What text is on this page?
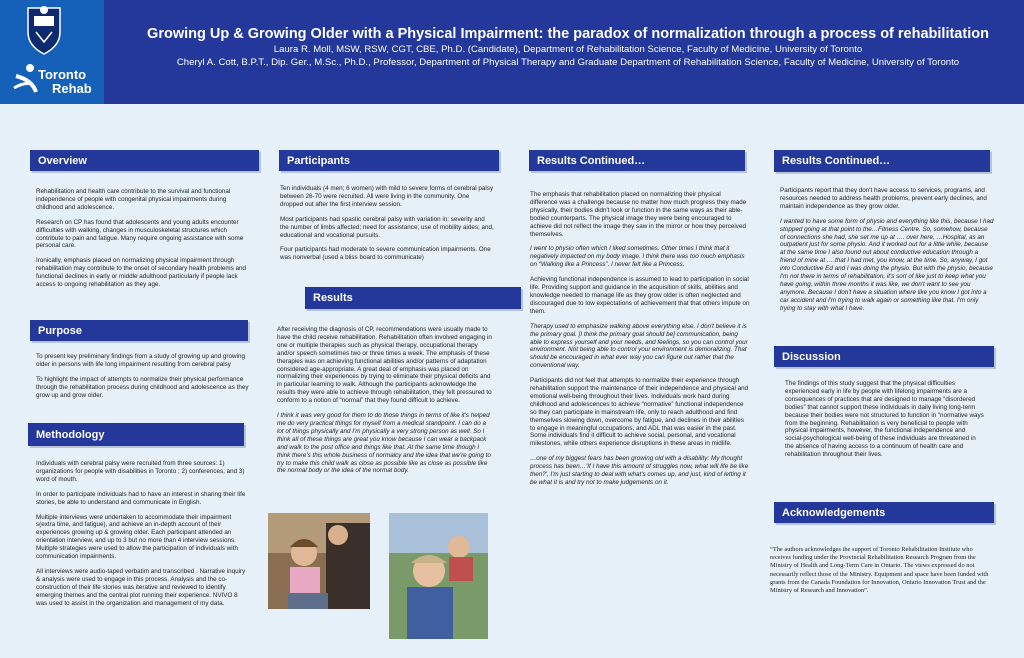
Toronto
Rehab
Growing Up & Growing Older with a Physical Impairment: the paradox of normalization through a process of rehabilitation
Laura R. Moll, MSW, RSW, CGT, CBE, Ph.D. (Candidate), Department of Rehabilitation Science, Faculty of Medicine, University of Toronto
Cheryl A. Cott, B.P.T., Dip. Ger., M.Sc., Ph.D., Professor, Department of Physical Therapy and Graduate Department of Rehabilitation Science, Faculty of Medicine, University of Toronto
Overview

Rehabilitation and health care contribute to the survival and functional independence of people with congenital physical impairments during childhood and adolescence.

Research on CP has found that adolescents and young adults encounter difficulties with walking, changes in musculoskeletal structures which contribute to pain and fatigue. Many require ongoing assistance with some personal care.

Ironically, emphasis placed on normalizing physical impairment through rehabilitation may contribute to the onset of secondary health problems and functional declines in early or middle adulthood particularly if people lack access to ongoing rehabilitation as they age.

Purpose

To present key preliminary findings from a study of growing up and growing older in persons with life long impairment resulting from cerebral palsy

To highlight the impact of attempts to normalize their physical performance through the rehabilitation process during childhood and adolescence as they grow up and grow older.

Methodology

Individuals with cerebral palsy were recruited from three sources: 1) organizations for people with disabilities in Toronto ; 2) conferences, and 3) word of mouth.

In order to participate individuals had to have an interest in sharing their life stories, be able to understand and communicate in English.

Multiple interviews were undertaken to accommodate their impairment s(extra time, and fatigue), and achieve an in-depth account of their experiences growing up & growing older. Each participant attended an orientation interview, and up to 3 but no more than 4 interview sessions. Multiple strategies were used to allow the participation of individuals with communication impairments.

All interviews were audio-taped verbatim and transcribed . Narrative inquiry & analysis were used to engage in this process. Analysis and the co-construction of their life stories was iterative and reviewed to identify emerging themes and the central plot running their experience. NVIVO 8 was used to assist in the organization and management of my data.

Participants

Ten individuals (4 men; 6 women) with mild to severe forms of cerebral palsy between 26-70 were recruited. All were living in the community. One dropped out after the first interview session.

Most participants had spastic cerebral palsy with variation in: severity and the number of limbs affected; need for assistance; use of mobility aides; and, educational and vocational pursuits.

Four participants had moderate to severe communication impairments. One was nonverbal (used a bliss board to communicate)

Results

After receiving the diagnosis of CP, recommendations were usually made to have the child receive rehabilitation. Rehabilitation often involved engaging in one or multiple therapies such as physical therapy, occupational therapy and/or speech sometimes two or three times a week. The emphasis of these therapies was on achieving functional abilities and/or patterns of adaptation considered age-appropriate. A great deal of emphasis was placed on normalizing their experiences by trying to eliminate their physical deficits and in particular learning to walk. Although the participants acknowledge the results they were able to achieve through rehabilitation, they felt pressured to conform to a notion of “normal” that they found difficult to achieve.

I think it was very good for them to do those things in terms of like it's helped me do very practical things for myself from a medical standpoint. I can do a lot of things physically and I'm physically a very strong person as well. So I think all of these things are great you know because I can wear a backpack and walk to the post office and things like that. At the same time though I think there's this whole business of normalcy and the idea that we're going to try to make this child walk as close as possible like as close as possible like the normal body or the idea of the normal body.

Results Continued…

The emphasis that rehabilitation placed on normalizing their physical difference was a challenge because no matter how much progress they made physically, their bodies didn't look or function in the same ways as their able-bodied counterparts. The physical image they were being encouraged to achieve did not reflect the image they saw in the mirror or how they perceived themselves.

I went to physio often which I liked sometimes. Other times I think that it negatively impacted on my body image. I think there was too much emphasis on “Walking like a Princess”. I never felt like a Princess.

Achieving functional independence is assumed to lead to participation in social life. Providing support and guidance in the acquisition of skills, abilities and knowledge needed to manage life as they grow older is often neglected and discouraged due to low expectations of achievement that that others impute on them.

Therapy used to emphasize walking above everything else. I don't believe it is the primary goal. [I think the primary goal should be] communication, being able to express yourself and your needs, and feelings, so you can control your environment. Not being able to control your environment is demoralizing. That should be encouraged in what ever way you can figure out rather that the conventional way.

Participants did not feel that attempts to normalize their experience through rehabilitation support the maintenance of their independence and physical and emotional well-being throughout their lives. Individuals work hard during childhood and adolescences to achieve “normative” functional independence so they can participate in mainstream life, only to reach adulthood and find themselves slowing down, overcome by fatigue, and declines in their abilities to engage in meaningful occupations, and ADL that was easier in the past. Some individuals find it difficult to achieve social, personal, and vocational milestones, while others experience disruptions in these areas in midlife.

…one of my biggest fears has been growing old with a disability: My thought process has been…'If I have this amount of struggles now, what will life be like then?', I'm just starting to deal with what's comes up, and just, kind of letting it be what it is and try not to make judgements on it.

Results Continued…

Participants report that they don't have access to services, programs, and resources needed to address health problems, prevent early declines, and maintain independence as they grow older.

I wanted to have some form of physio and everything like this, because I had stopped going at that point to the…Fitness Centre. So, somehow, because of connections she had, she set me up at …. over here, …Hospital, as an outpatient just for some physio. And it worked out for a little while, because at the same time I also found out about conductive education through a friend of mine at ….that I had met, you know, at the time. So, anyway, I got into Conductive Ed and I was doing the physio. But with the physio, because I'm not there in terms of rehabilitation, it's sort of like just to keep what you have going, within three months it was like, we don't want to see you anymore. Because I don't have a situation where like you know I got into a car accident and I'm trying to walk again or something like that. I'm only trying to stay with what I have.

Discussion

The findings of this study suggest that the physical difficulties experienced early in life by people with lifelong impairments are a consequences of practices that are designed to manage “disordered bodies” that cannot support these individuals in daily living long-term because their bodies were not structured to function in “normative ways from the beginning. Rehabilitation is very beneficial to people with physical impairments, however, the functional independence and social-psychological well-being of these individuals are threatened in the absence of having access to a continuum of health care and rehabilitation throughout their lives.

Acknowledgements

“The authors acknowledges the support of Toronto Rehabilitation Institute who receives funding under the Provincial Rehabilitation Research Program from the Ministry of Health and Long-Term Care in Ontario. The views expressed do not necessarily reflect those of the Ministry. Equipment and space have been funded with grants from the Canada Foundation for Innovation, Ontario Innovation Trust and the Ministry of Research and Innovation”.
